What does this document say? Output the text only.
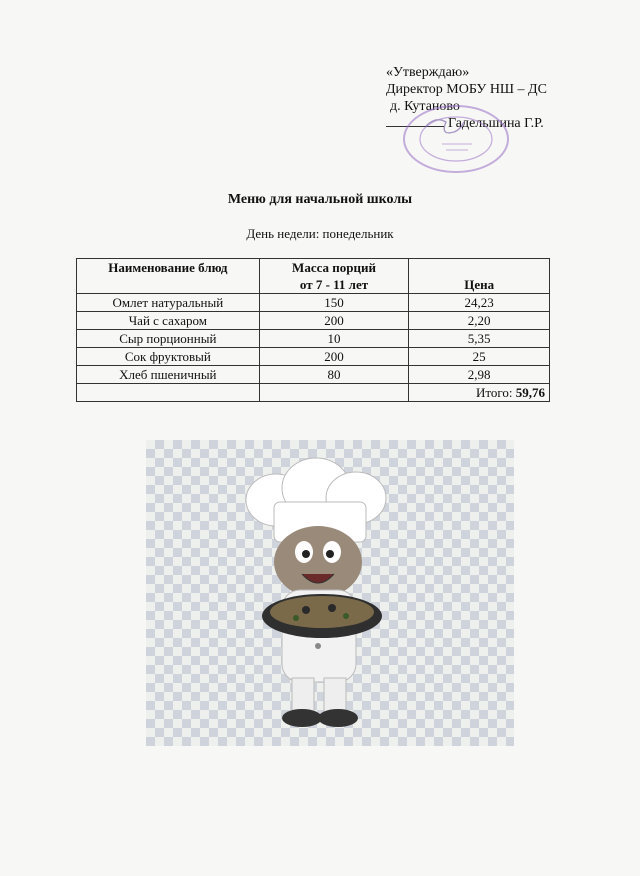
«Утверждаю»
Директор МОБУ НШ – ДС
д. Кутаново
Гадельшина Г.Р.
Меню для начальной школы
День недели: понедельник
Наименование блюд	Масса порций	
	от 7 - 11 лет	Цена
Омлет натуральный	150	24,23
Чай с сахаром	200	2,20
Сыр порционный	10	5,35
Сок фруктовый	200	25
Хлеб пшеничный	80	2,98
		Итого: 59,76
